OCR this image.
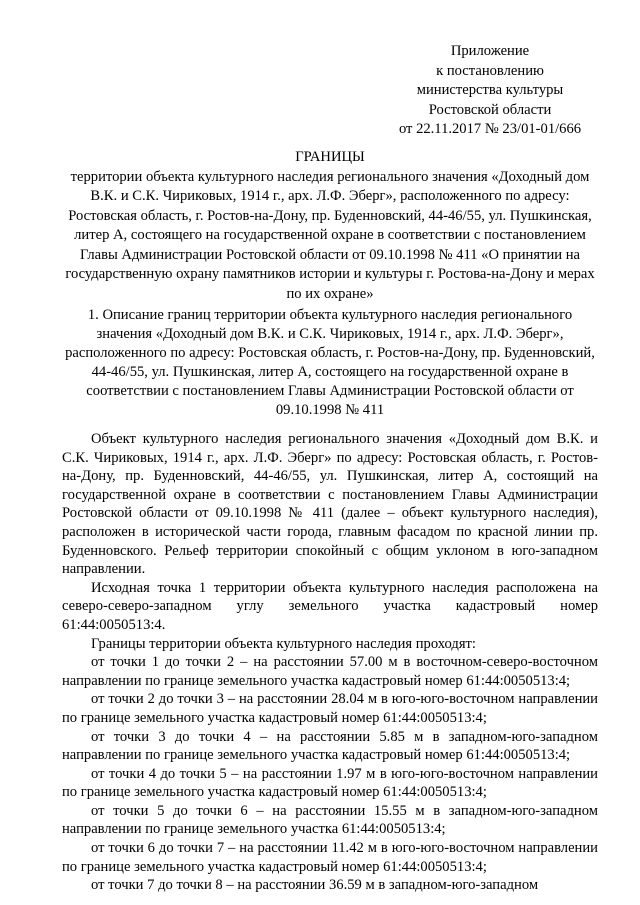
Приложение
к постановлению
министерства культуры
Ростовской области
от 22.11.2017 № 23/01-01/666
ГРАНИЦЫ
территории объекта культурного наследия регионального значения «Доходный дом В.К. и С.К. Чириковых, 1914 г., арх. Л.Ф. Эберг», расположенного по адресу: Ростовская область, г. Ростов-на-Дону, пр. Буденновский, 44-46/55, ул. Пушкинская, литер А, состоящего на государственной охране в соответствии с постановлением Главы Администрации Ростовской области от 09.10.1998 № 411 «О принятии на государственную охрану памятников истории и культуры г. Ростова-на-Дону и мерах по их охране»
1. Описание границ территории объекта культурного наследия регионального значения «Доходный дом В.К. и С.К. Чириковых, 1914 г., арх. Л.Ф. Эберг», расположенного по адресу: Ростовская область, г. Ростов-на-Дону, пр. Буденновский, 44-46/55, ул. Пушкинская, литер А, состоящего на государственной охране в соответствии с постановлением Главы Администрации Ростовской области от 09.10.1998 № 411

Объект культурного наследия регионального значения «Доходный дом В.К. и С.К. Чириковых, 1914 г., арх. Л.Ф. Эберг» по адресу: Ростовская область, г. Ростов-на-Дону, пр. Буденновский, 44-46/55, ул. Пушкинская, литер А, состоящий на государственной охране в соответствии с постановлением Главы Администрации Ростовской области от 09.10.1998 № 411 (далее – объект культурного наследия), расположен в исторической части города, главным фасадом по красной линии пр. Буденновского. Рельеф территории спокойный с общим уклоном в юго-западном направлении.

Исходная точка 1 территории объекта культурного наследия расположена на северо-северо-западном углу земельного участка кадастровый номер 61:44:0050513:4.

Границы территории объекта культурного наследия проходят:

от точки 1 до точки 2 – на расстоянии 57.00 м в восточном-северо-восточном направлении по границе земельного участка кадастровый номер 61:44:0050513:4;

от точки 2 до точки 3 – на расстоянии 28.04 м в юго-юго-восточном направлении по границе земельного участка кадастровый номер 61:44:0050513:4;

от точки 3 до точки 4 – на расстоянии 5.85 м в западном-юго-западном направлении по границе земельного участка кадастровый номер 61:44:0050513:4;

от точки 4 до точки 5 – на расстоянии 1.97 м в юго-юго-восточном направлении по границе земельного участка кадастровый номер 61:44:0050513:4;

от точки 5 до точки 6 – на расстоянии 15.55 м в западном-юго-западном направлении по границе земельного участка 61:44:0050513:4;

от точки 6 до точки 7 – на расстоянии 11.42 м в юго-юго-восточном направлении по границе земельного участка кадастровый номер 61:44:0050513:4;

от точки 7 до точки 8 – на расстоянии 36.59 м в западном-юго-западном
